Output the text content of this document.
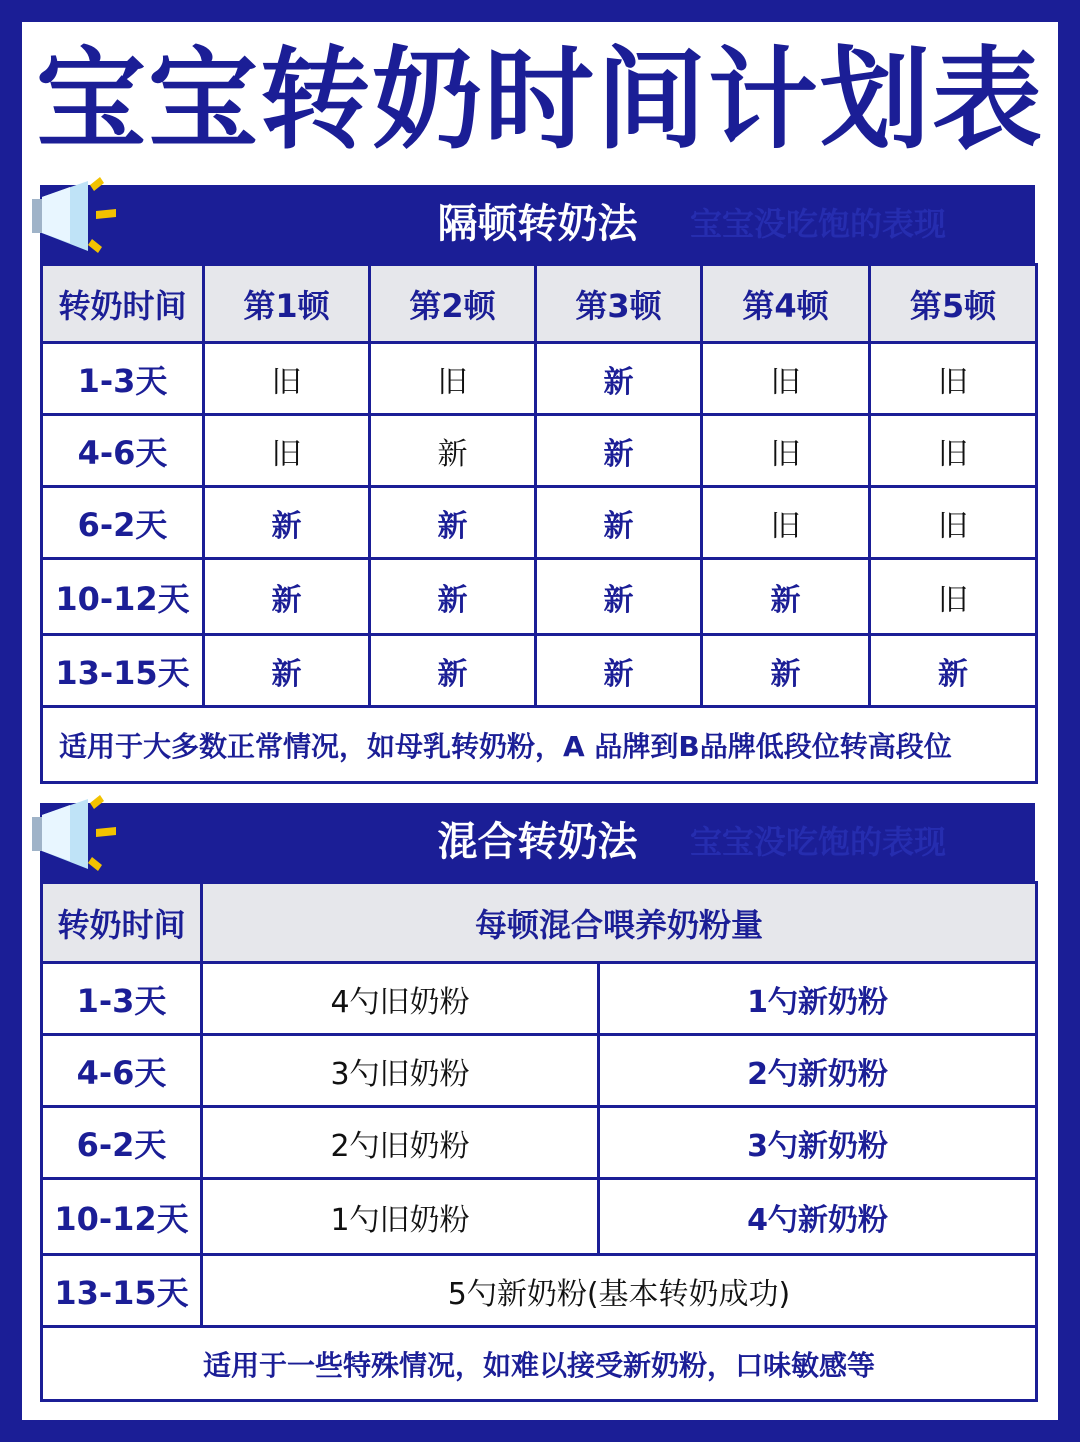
宝宝转奶时间计划表
隔顿转奶法 宝宝没吃饱的表现
转奶时间	第1顿	第2顿	第3顿	第4顿	第5顿
1-3天	旧	旧	新	旧	旧
4-6天	旧	新	新	旧	旧
6-2天	新	新	新	旧	旧
10-12天	新	新	新	新	旧
13-15天	新	新	新	新	新
适用于大多数正常情况，如母乳转奶粉，A 品牌到B品牌低段位转高段位					
混合转奶法 宝宝没吃饱的表现
转奶时间	每顿混合喂养奶粉量	
1-3天	4勺旧奶粉	1勺新奶粉
4-6天	3勺旧奶粉	2勺新奶粉
6-2天	2勺旧奶粉	3勺新奶粉
10-12天	1勺旧奶粉	4勺新奶粉
13-15天	5勺新奶粉(基本转奶成功)	
适用于一些特殊情况，如难以接受新奶粉，口味敏感等		
